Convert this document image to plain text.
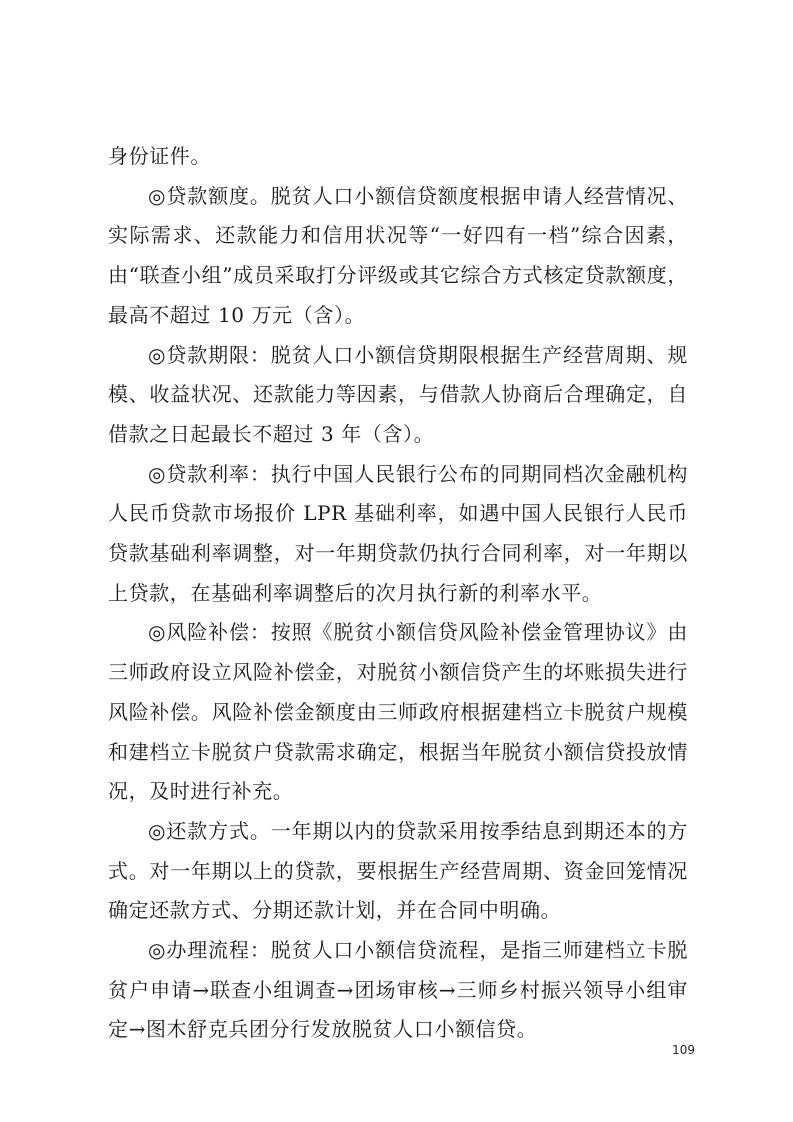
身份证件。

◎贷款额度。脱贫人口小额信贷额度根据申请人经营情况、实际需求、还款能力和信用状况等“一好四有一档”综合因素，由“联查小组”成员采取打分评级或其它综合方式核定贷款额度，最高不超过 10 万元（含）。

◎贷款期限：脱贫人口小额信贷期限根据生产经营周期、规模、收益状况、还款能力等因素，与借款人协商后合理确定，自借款之日起最长不超过 3 年（含）。

◎贷款利率：执行中国人民银行公布的同期同档次金融机构人民币贷款市场报价 LPR 基础利率，如遇中国人民银行人民币贷款基础利率调整，对一年期贷款仍执行合同利率，对一年期以上贷款，在基础利率调整后的次月执行新的利率水平。

◎风险补偿：按照《脱贫小额信贷风险补偿金管理协议》由三师政府设立风险补偿金，对脱贫小额信贷产生的坏账损失进行风险补偿。风险补偿金额度由三师政府根据建档立卡脱贫户规模和建档立卡脱贫户贷款需求确定，根据当年脱贫小额信贷投放情况，及时进行补充。

◎还款方式。一年期以内的贷款采用按季结息到期还本的方式。对一年期以上的贷款，要根据生产经营周期、资金回笼情况确定还款方式、分期还款计划，并在合同中明确。

◎办理流程：脱贫人口小额信贷流程，是指三师建档立卡脱贫户申请→联查小组调查→团场审核→三师乡村振兴领导小组审定→图木舒克兵团分行发放脱贫人口小额信贷。

109
